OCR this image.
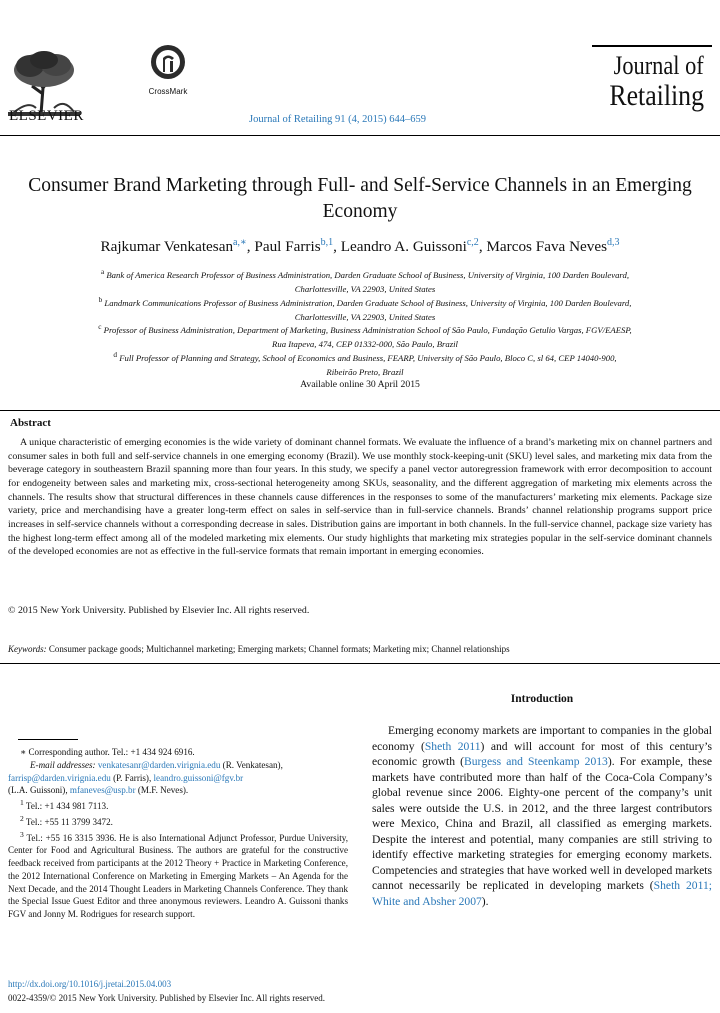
ELSEVIER
CrossMark
Journal of Retailing 91 (4, 2015) 644–659
Journal of
Retailing
Consumer Brand Marketing through Full- and Self-Service Channels in an Emerging Economy
Rajkumar Venkatesan$^{a,∗}$, Paul Farris$^{b,1}$, Leandro A. Guissoni$^{c,2}$, Marcos Fava Neves$^{d,3}$
$^a$ Bank of America Research Professor of Business Administration, Darden Graduate School of Business, University of Virginia, 100 Darden Boulevard,
Charlottesville, VA 22903, United States
$^b$ Landmark Communications Professor of Business Administration, Darden Graduate School of Business, University of Virginia, 100 Darden Boulevard,
Charlottesville, VA 22903, United States
$^c$ Professor of Business Administration, Department of Marketing, Business Administration School of São Paulo, Fundação Getulio Vargas, FGV/EAESP,
Rua Itapeva, 474, CEP 01332-000, São Paulo, Brazil
$^d$ Full Professor of Planning and Strategy, School of Economics and Business, FEARP, University of São Paulo, Bloco C, sl 64, CEP 14040-900,
Ribeirão Preto, Brazil
Available online 30 April 2015
Abstract
A unique characteristic of emerging economies is the wide variety of dominant channel formats. We evaluate the influence of a brand’s marketing mix on channel partners and consumer sales in both full and self-service channels in one emerging economy (Brazil). We use monthly stock-keeping-unit (SKU) level sales, and marketing mix data from the beverage category in southeastern Brazil spanning more than four years. In this study, we specify a panel vector autoregression framework with error decomposition to account for endogeneity between sales and marketing mix, cross-sectional heterogeneity among SKUs, seasonality, and the different aggregation of marketing mix elements across the channels. The results show that structural differences in these channels cause differences in the responses to some of the manufacturers’ marketing mix elements. Package size variety, price and merchandising have a greater long-term effect on sales in self-service than in full-service channels. Brands’ channel relationship programs support price increases in self-service channels without a corresponding decrease in sales. Distribution gains are important in both channels. In the full-service channel, package size variety has the highest long-term effect among all of the modeled marketing mix elements. Our study highlights that marketing mix strategies popular in the self-service dominant channels of the developed economies are not as effective in the full-service formats that remain important in emerging economies.
© 2015 New York University. Published by Elsevier Inc. All rights reserved.
Keywords: Consumer package goods; Multichannel marketing; Emerging markets; Channel formats; Marketing mix; Channel relationships
Introduction
Emerging economy markets are important to companies in the global economy (Sheth 2011) and will account for most of this century’s economic growth (Burgess and Steenkamp 2013). For example, these markets have contributed more than half of the Coca-Cola Company’s global revenue since 2006. Eighty-one percent of the company’s unit sales were outside the U.S. in 2012, and the three largest contributors were Mexico, China and Brazil, all classified as emerging markets. Despite the interest and potential, many companies are still striving to identify effective marketing strategies for emerging economy markets. Competencies and strategies that have worked well in developed markets cannot necessarily be replicated in developing markets (Sheth 2011; White and Absher 2007).
∗ Corresponding author. Tel.: +1 434 924 6916.
E-mail addresses: venkatesanr@darden.virignia.edu (R. Venkatesan),
farrisp@darden.virignia.edu (P. Farris), leandro.guissoni@fgv.br
(L.A. Guissoni), mfaneves@usp.br (M.F. Neves).
$^1$ Tel.: +1 434 981 7113.
$^2$ Tel.: +55 11 3799 3472.
$^3$ Tel.: +55 16 3315 3936. He is also International Adjunct Professor, Purdue University, Center for Food and Agricultural Business. The authors are grateful for the constructive feedback received from participants at the 2012 Theory + Practice in Marketing Conference, the 2012 International Conference on Marketing in Emerging Markets – An Agenda for the Next Decade, and the 2014 Thought Leaders in Marketing Channels Conference. They thank the Special Issue Guest Editor and three anonymous reviewers. Leandro A. Guissoni thanks FGV and Jonny M. Rodrigues for research support.
http://dx.doi.org/10.1016/j.jretai.2015.04.003
0022-4359/© 2015 New York University. Published by Elsevier Inc. All rights reserved.
